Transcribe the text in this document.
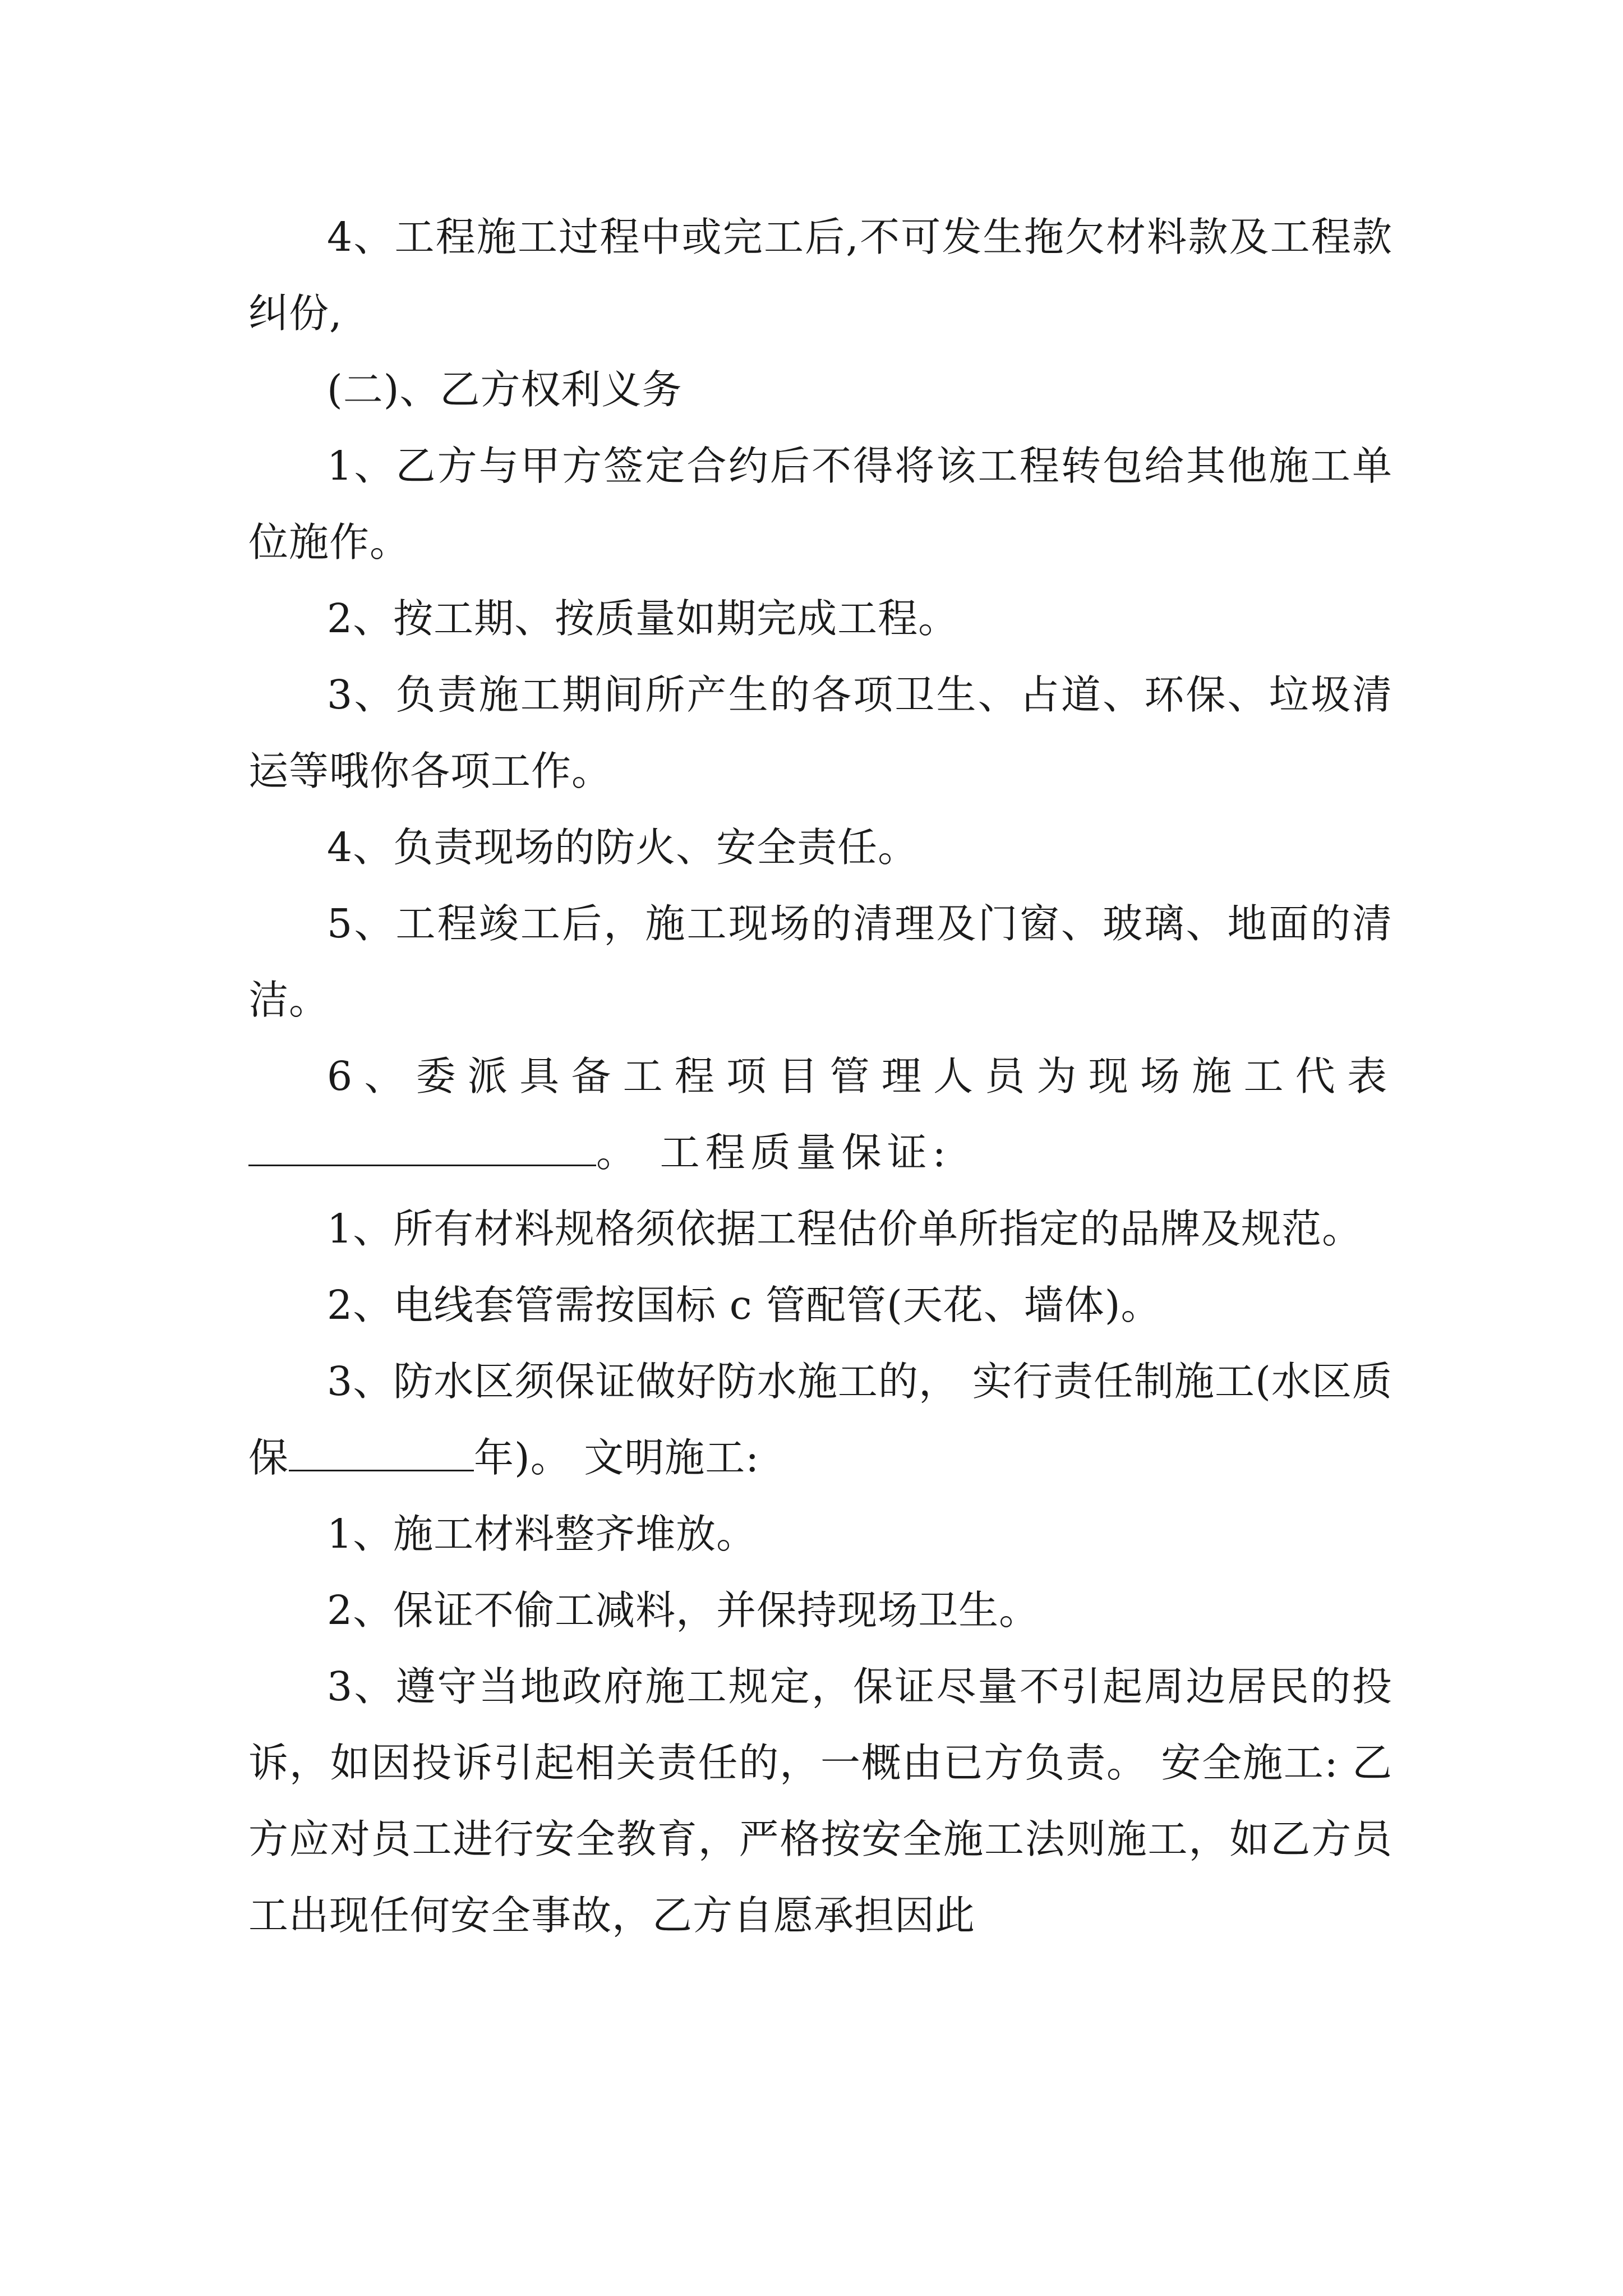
4、工程施工过程中或完工后,不可发生拖欠材料款及工程款纠份,

(二)、乙方权利义务

1、乙方与甲方签定合约后不得将该工程转包给其他施工单位施作。

2、按工期、按质量如期完成工程。

3、负责施工期间所产生的各项卫生、占道、环保、垃圾清运等哦你各项工作。

4、负责现场的防火、安全责任。

5、工程竣工后，施工现场的清理及门窗、玻璃、地面的清洁。

6、委派具备工程项目管理人员为现场施工代表 。 工程质量保证:

1、所有材料规格须依据工程估价单所指定的品牌及规范。

2、电线套管需按国标 c 管配管(天花、墙体)。

3、防水区须保证做好防水施工的， 实行责任制施工(水区质保	年)。 文明施工:

1、施工材料整齐堆放。

2、保证不偷工减料，并保持现场卫生。

3、遵守当地政府施工规定，保证尽量不引起周边居民的投诉，如因投诉引起相关责任的，一概由已方负责。 安全施工: 乙方应对员工进行安全教育，严格按安全施工法则施工，如乙方员工出现任何安全事故，乙方自愿承担因此
